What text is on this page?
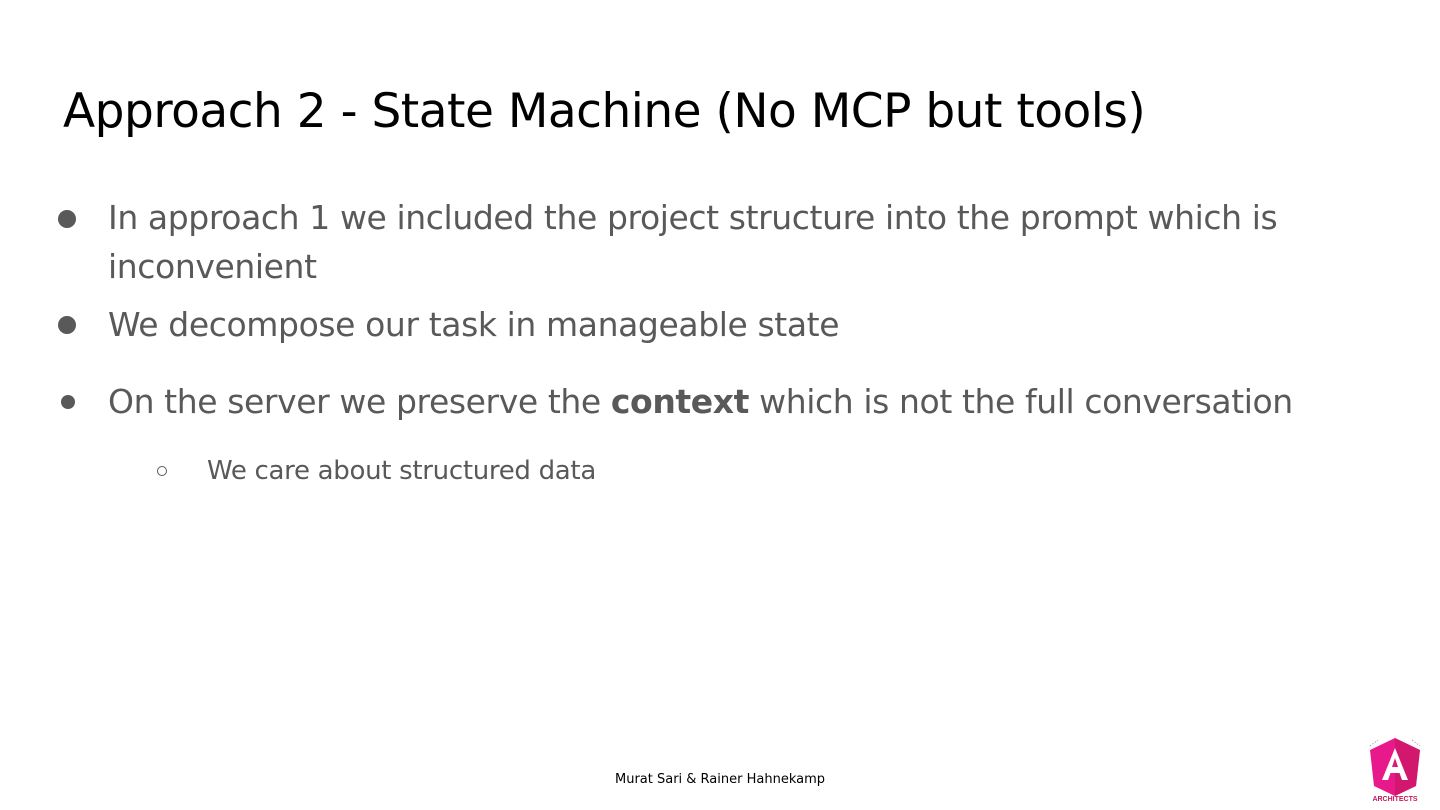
Approach 2 - State Machine (No MCP but tools)
In approach 1 we included the project structure into the prompt which is inconvenient
We decompose our task in manageable state
On the server we preserve the context which is not the full conversation
We care about structured data
Murat Sari & Rainer Hahnekamp
ARCHITECTS
